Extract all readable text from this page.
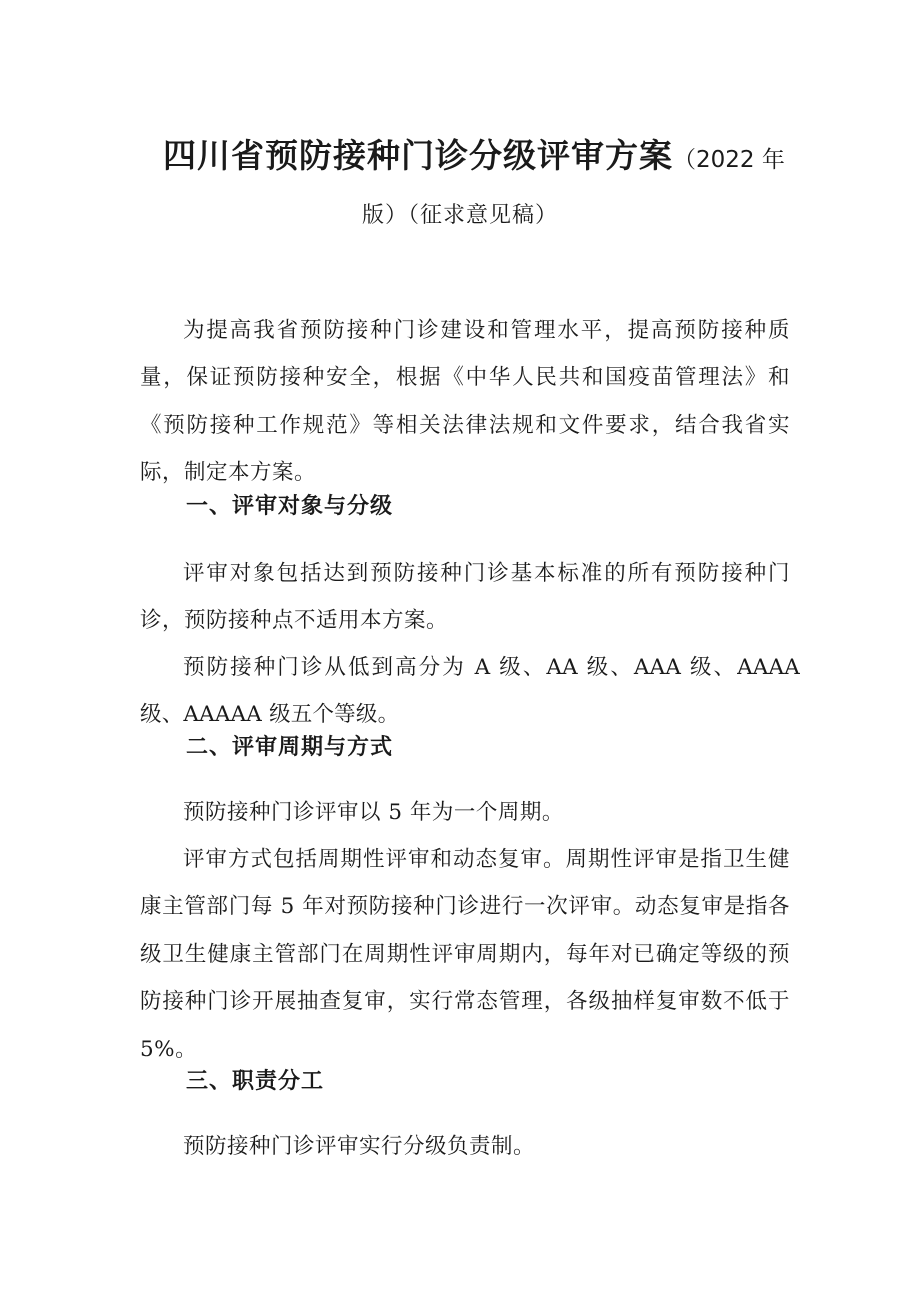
四川省预防接种门诊分级评审方案（2022 年
版）（征求意见稿）

为提高我省预防接种门诊建设和管理水平，提高预防接种质量，保证预防接种安全，根据《中华人民共和国疫苗管理法》和《预防接种工作规范》等相关法律法规和文件要求，结合我省实际，制定本方案。

一、评审对象与分级

评审对象包括达到预防接种门诊基本标准的所有预防接种门诊，预防接种点不适用本方案。

预防接种门诊从低到高分为 A 级、AA 级、AAA 级、AAAA 级、AAAAA 级五个等级。

二、评审周期与方式

预防接种门诊评审以 5 年为一个周期。

评审方式包括周期性评审和动态复审。周期性评审是指卫生健康主管部门每 5 年对预防接种门诊进行一次评审。动态复审是指各级卫生健康主管部门在周期性评审周期内，每年对已确定等级的预防接种门诊开展抽查复审，实行常态管理，各级抽样复审数不低于 5%。

三、职责分工

预防接种门诊评审实行分级负责制。
